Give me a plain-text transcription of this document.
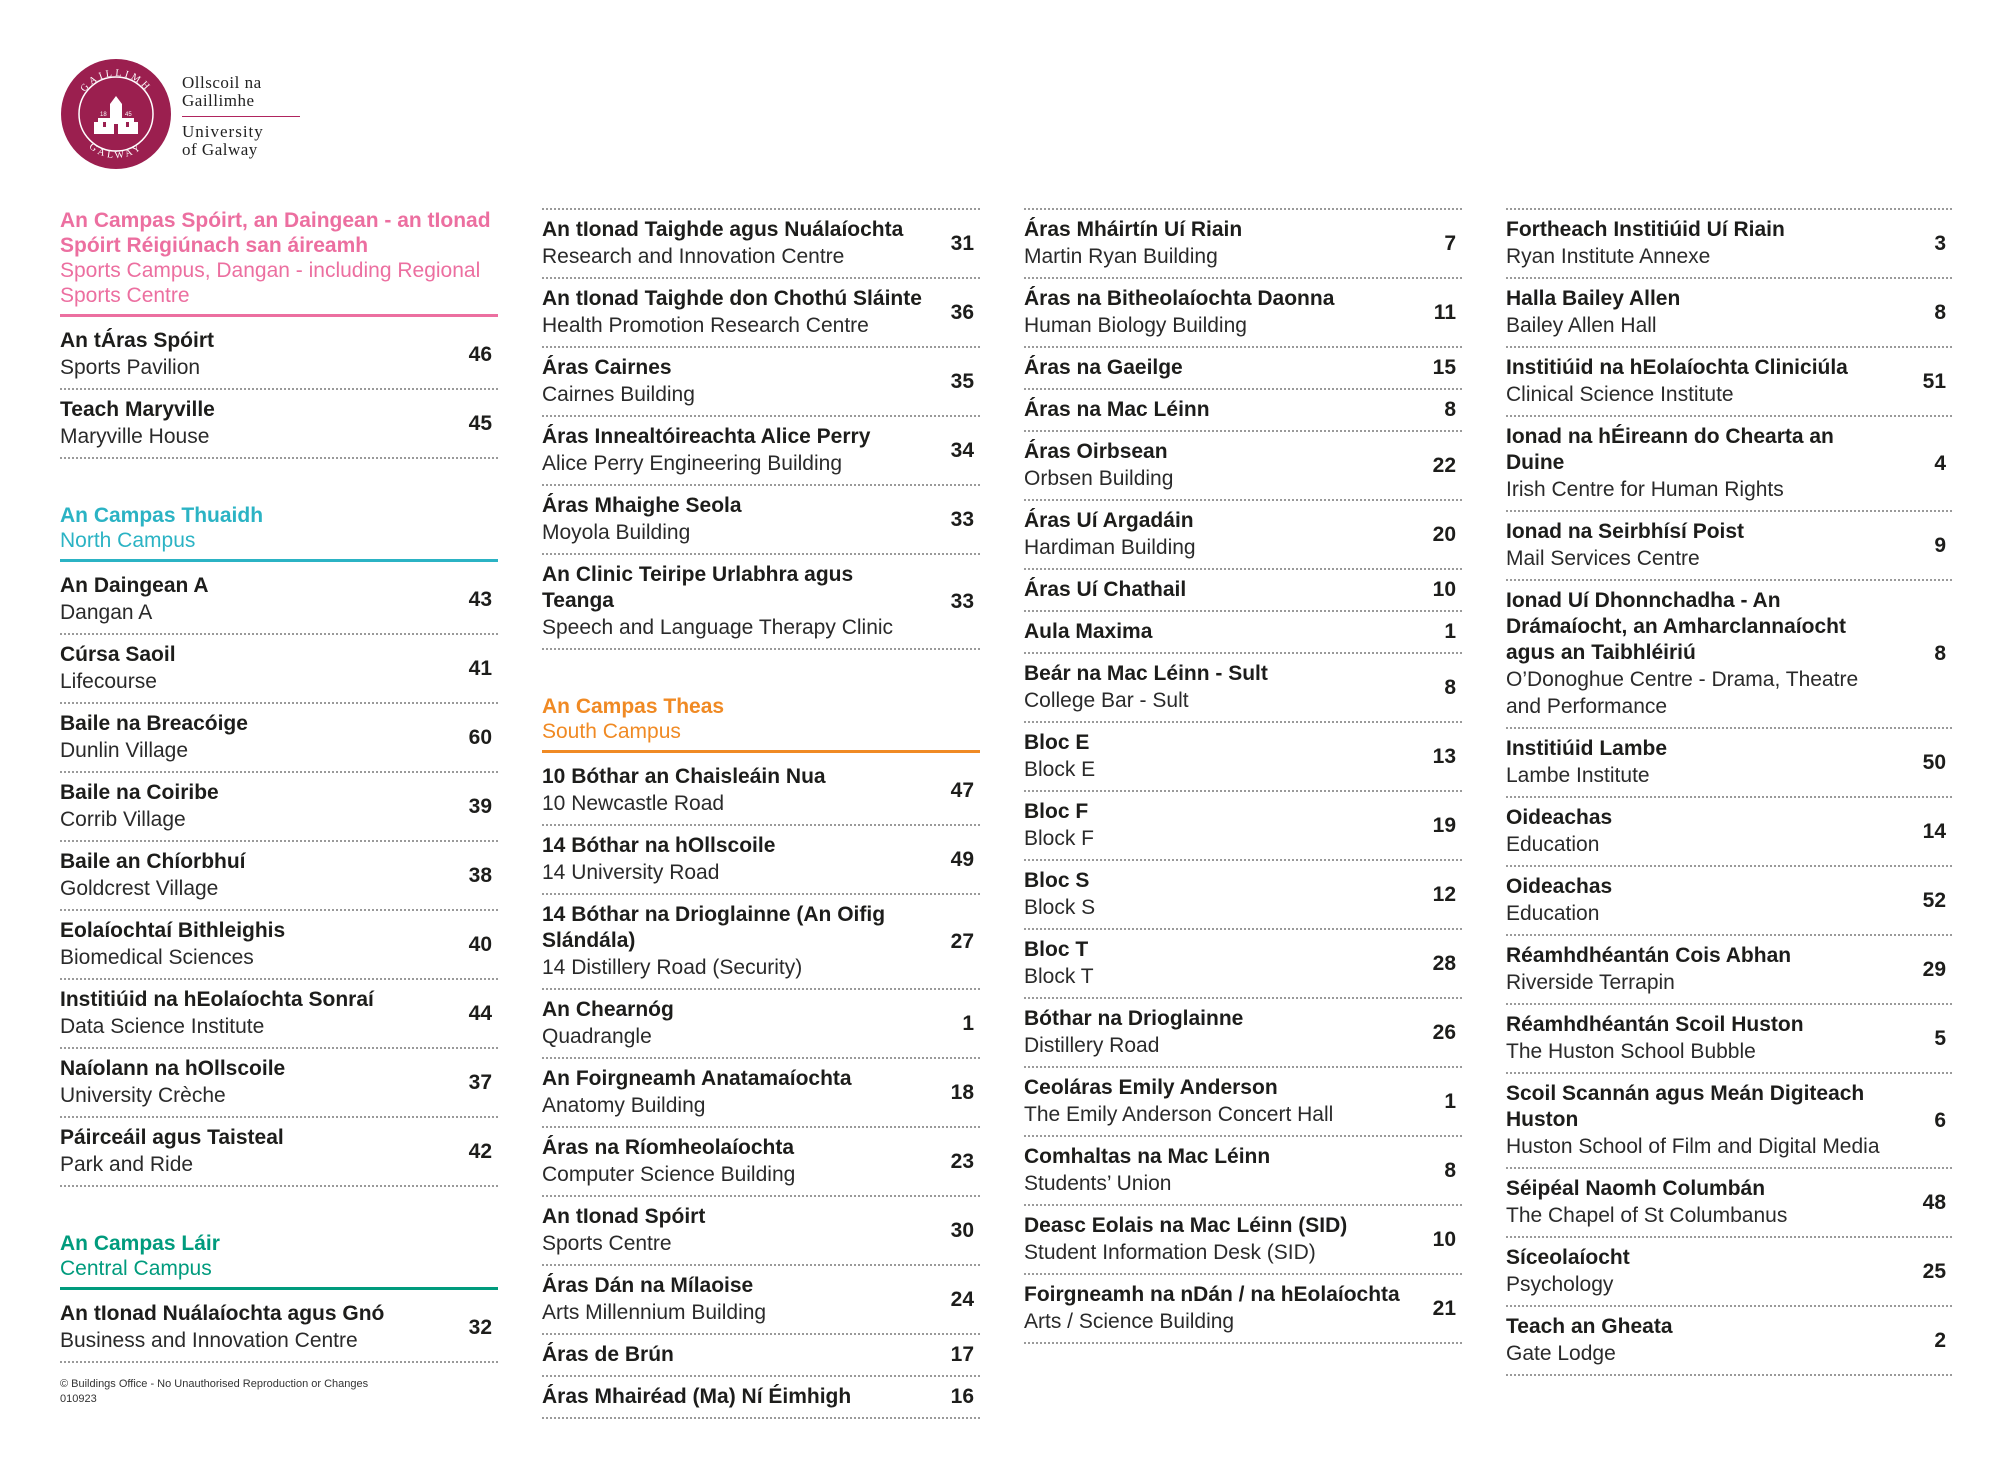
GAILLIMH
GALWAY
18	45
Ollscoil na
Gaillimhe
University
of Galway
An Campas Spóirt, an Daingean - an tIonad Spóirt Réigiúnach san áireamh
Sports Campus, Dangan - including Regional Sports Centre
An tÁras Spóirt
Sports Pavilion
46
Teach Maryville
Maryville House
45
An Campas Thuaidh
North Campus
An Daingean A
Dangan A
43
Cúrsa Saoil
Lifecourse
41
Baile na Breacóige
Dunlin Village
60
Baile na Coiribe
Corrib Village
39
Baile an Chíorbhuí
Goldcrest Village
38
Eolaíochtaí Bithleighis
Biomedical Sciences
40
Institiúid na hEolaíochta Sonraí
Data Science Institute
44
Naíolann na hOllscoile
University Crèche
37
Páirceáil agus Taisteal
Park and Ride
42
An Campas Láir
Central Campus
An tIonad Nuálaíochta agus Gnó
Business and Innovation Centre
32
An tIonad Taighde agus Nuálaíochta
Research and Innovation Centre
31
An tIonad Taighde don Chothú Sláinte
Health Promotion Research Centre
36
Áras Cairnes
Cairnes Building
35
Áras Innealtóireachta Alice Perry
Alice Perry Engineering Building
34
Áras Mhaighe Seola
Moyola Building
33
An Clinic Teiripe Urlabhra agus Teanga
Speech and Language Therapy Clinic
33
An Campas Theas
South Campus
10 Bóthar an Chaisleáin Nua
10 Newcastle Road
47
14 Bóthar na hOllscoile
14 University Road
49
14 Bóthar na Drioglainne (An Oifig Slándála)
14 Distillery Road (Security)
27
An Chearnóg
Quadrangle
1
An Foirgneamh Anatamaíochta
Anatomy Building
18
Áras na Ríomheolaíochta
Computer Science Building
23
An tIonad Spóirt
Sports Centre
30
Áras Dán na Mílaoise
Arts Millennium Building
24
Áras de Brún	17
Áras Mhairéad (Ma) Ní Éimhigh	16
Áras Mháirtín Uí Riain
Martin Ryan Building
7
Áras na Bitheolaíochta Daonna
Human Biology Building
11
Áras na Gaeilge	15
Áras na Mac Léinn	8
Áras Oirbsean
Orbsen Building
22
Áras Uí Argadáin
Hardiman Building
20
Áras Uí Chathail	10
Aula Maxima	1
Beár na Mac Léinn - Sult
College Bar - Sult
8
Bloc E
Block E
13
Bloc F
Block F
19
Bloc S
Block S
12
Bloc T
Block T
28
Bóthar na Drioglainne
Distillery Road
26
Ceoláras Emily Anderson
The Emily Anderson Concert Hall
1
Comhaltas na Mac Léinn
Students’ Union
8
Deasc Eolais na Mac Léinn (SID)
Student Information Desk (SID)
10
Foirgneamh na nDán / na hEolaíochta
Arts / Science Building
21
Fortheach Institiúid Uí Riain
Ryan Institute Annexe
3
Halla Bailey Allen
Bailey Allen Hall
8
Institiúid na hEolaíochta Cliniciúla
Clinical Science Institute
51
Ionad na hÉireann do Chearta an Duine
Irish Centre for Human Rights
4
Ionad na Seirbhísí Poist
Mail Services Centre
9
Ionad Uí Dhonnchadha - An Drámaíocht, an Amharclannaíocht agus an Taibhléiriú
O’Donoghue Centre - Drama, Theatre and Performance
8
Institiúid Lambe
Lambe Institute
50
Oideachas
Education
14
Oideachas
Education
52
Réamhdhéantán Cois Abhan
Riverside Terrapin
29
Réamhdhéantán Scoil Huston
The Huston School Bubble
5
Scoil Scannán agus Meán Digiteach Huston
Huston School of Film and Digital Media
6
Séipéal Naomh Columbán
The Chapel of St Columbanus
48
Síceolaíocht
Psychology
25
Teach an Gheata
Gate Lodge
2
© Buildings Office - No Unauthorised Reproduction or Changes
010923
